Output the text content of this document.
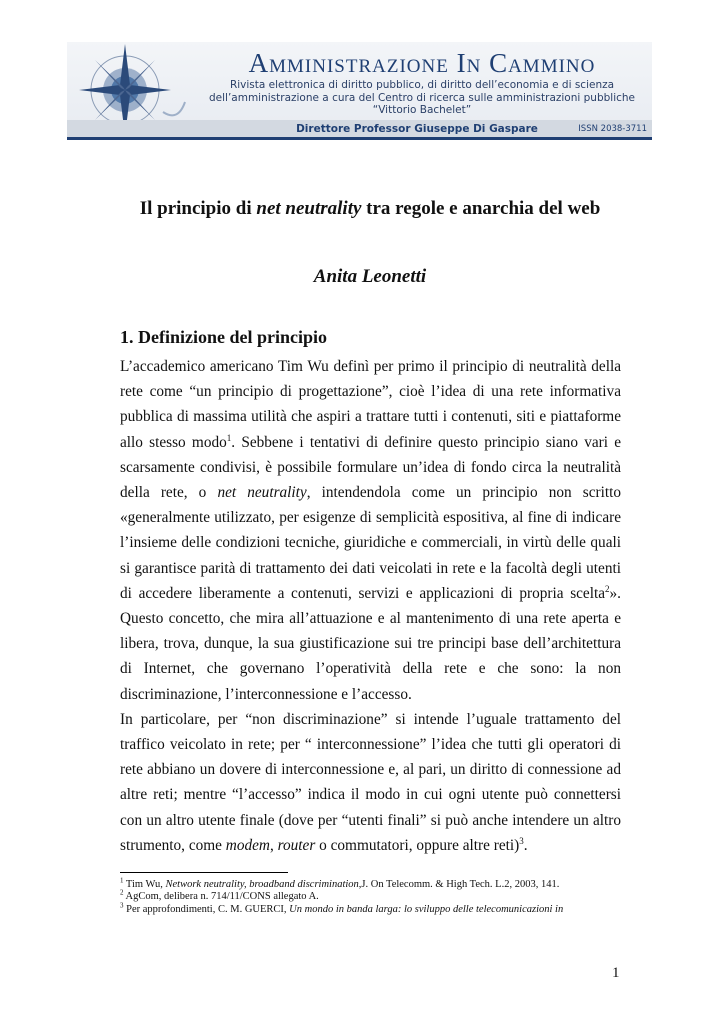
Amministrazione In Cammino
Rivista elettronica di diritto pubblico, di diritto dell’economia e di scienza
dell’amministrazione a cura del Centro di ricerca sulle amministrazioni pubbliche
“Vittorio Bachelet”
Direttore Professor Giuseppe Di Gaspare	ISSN 2038-3711
Il principio di net neutrality tra regole e anarchia del web
Anita Leonetti
1. Definizione del principio

L’accademico americano Tim Wu definì per primo il principio di neutralità della rete come “un principio di progettazione”, cioè l’idea di una rete informativa pubblica di massima utilità che aspiri a trattare tutti i contenuti, siti e piattaforme allo stesso modo$^1$. Sebbene i tentativi di definire questo principio siano vari e scarsamente condivisi, è possibile formulare un’idea di fondo circa la neutralità della rete, o net neutrality, intendendola come un principio non scritto «generalmente utilizzato, per esigenze di semplicità espositiva, al fine di indicare l’insieme delle condizioni tecniche, giuridiche e commerciali, in virtù delle quali si garantisce parità di trattamento dei dati veicolati in rete e la facoltà degli utenti di accedere liberamente a contenuti, servizi e applicazioni di propria scelta$^2$». Questo concetto, che mira all’attuazione e al mantenimento di una rete aperta e libera, trova, dunque, la sua giustificazione sui tre principi base dell’architettura di Internet, che governano l’operatività della rete e che sono: la non discriminazione, l’interconnessione e l’accesso.

In particolare, per “non discriminazione” si intende l’uguale trattamento del traffico veicolato in rete; per “ interconnessione” l’idea che tutti gli operatori di rete abbiano un dovere di interconnessione e, al pari, un diritto di connessione ad altre reti; mentre “l’accesso” indica il modo in cui ogni utente può connettersi con un altro utente finale (dove per “utenti finali” si può anche intendere un altro strumento, come modem, router o commutatori, oppure altre reti)$^3$.

$^1$ Tim Wu, Network neutrality, broadband discrimination,J. On Telecomm. & High Tech. L.2, 2003, 141.
$^2$ AgCom, delibera n. 714/11/CONS allegato A.
$^3$ Per approfondimenti, C. M. GUERCI, Un mondo in banda larga: lo sviluppo delle telecomunicazioni in
1
